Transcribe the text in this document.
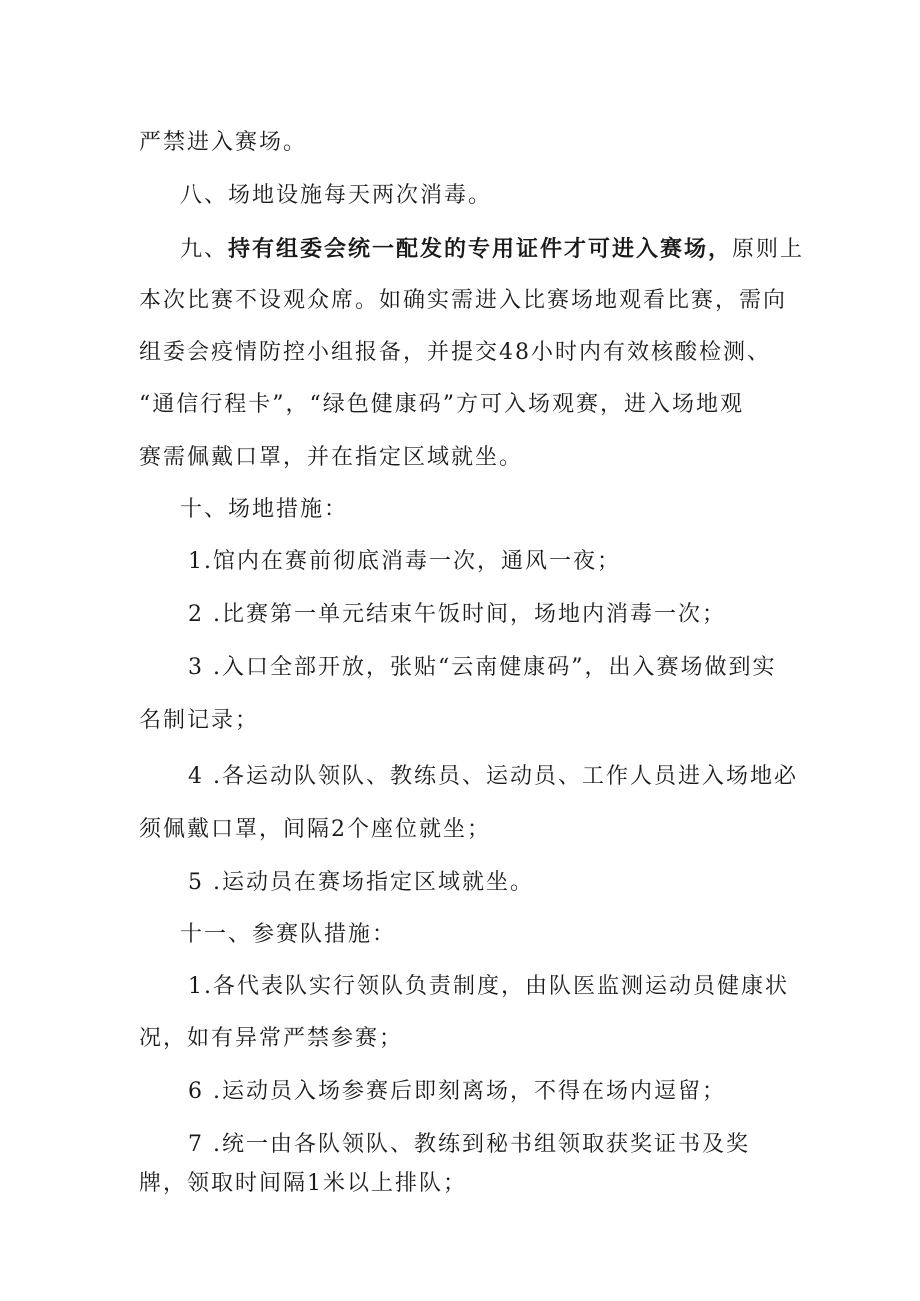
严禁进入赛场。
八、场地设施每天两次消毒。
九、持有组委会统一配发的专用证件才可进入赛场，原则上
本次比赛不设观众席。如确实需进入比赛场地观看比赛，需向
组委会疫情防控小组报备，并提交48小时内有效核酸检测、
“通信行程卡”，“绿色健康码”方可入场观赛，进入场地观
赛需佩戴口罩，并在指定区域就坐。
十、场地措施：
1.馆内在赛前彻底消毒一次，通风一夜；
2 .比赛第一单元结束午饭时间，场地内消毒一次；
3 .入口全部开放，张贴“云南健康码”，出入赛场做到实
名制记录；
4 .各运动队领队、教练员、运动员、工作人员进入场地必
须佩戴口罩，间隔2个座位就坐；
5 .运动员在赛场指定区域就坐。
十一、参赛队措施：
1.各代表队实行领队负责制度，由队医监测运动员健康状
况，如有异常严禁参赛；
6 .运动员入场参赛后即刻离场，不得在场内逗留；
7 .统一由各队领队、教练到秘书组领取获奖证书及奖
牌，领取时间隔1米以上排队；
